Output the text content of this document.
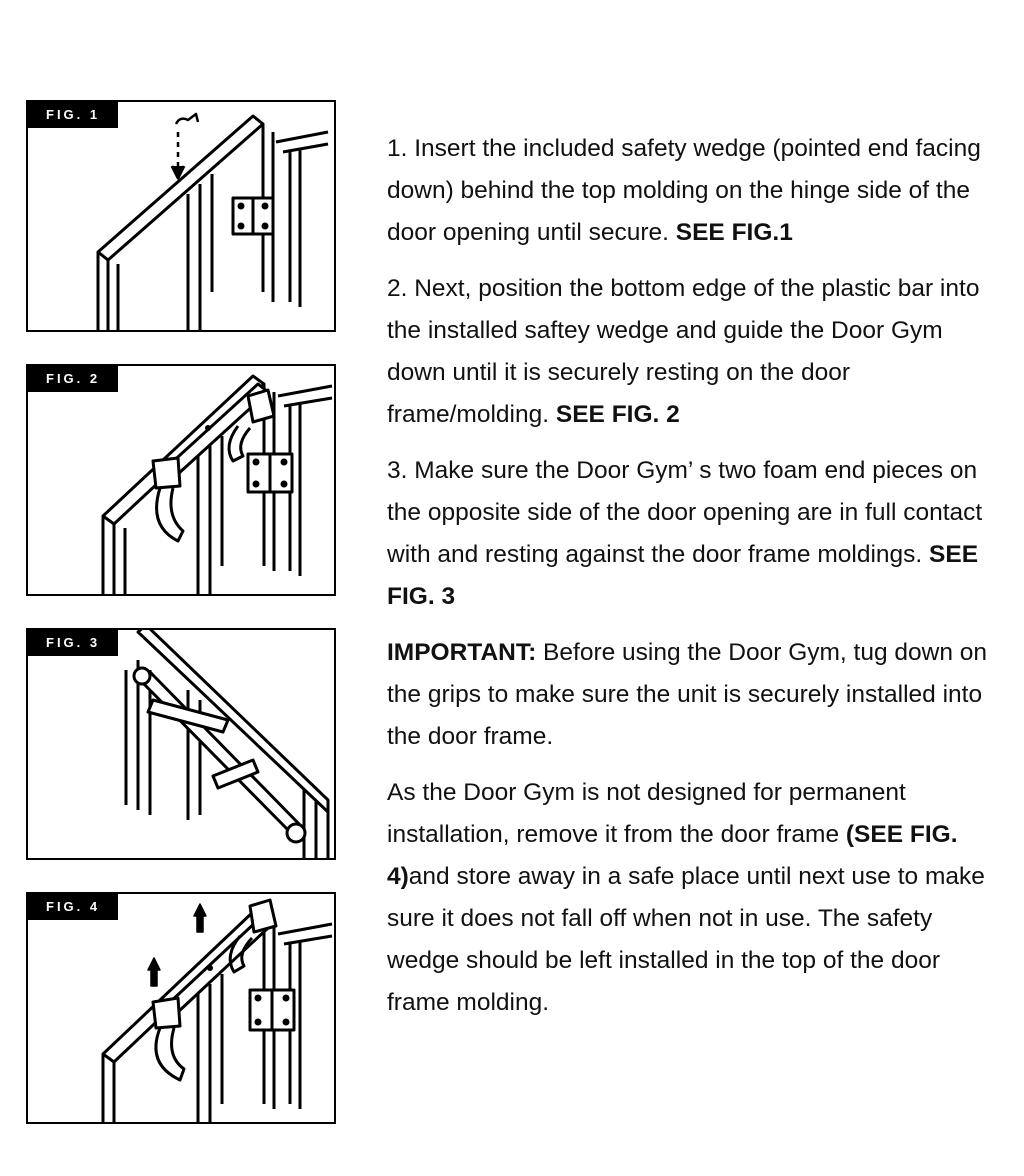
FIG. 1
FIG. 2
FIG. 3
FIG. 4

1. Insert the included safety wedge (pointed end facing down) behind the top molding on the hinge side of the door opening until secure. SEE FIG.1

2. Next, position the bottom edge of the plastic bar into the installed saftey wedge and guide the Door Gym down until it is securely resting on the door frame/molding. SEE FIG. 2

3. Make sure the Door Gym’ s two foam end pieces on the opposite side of the door opening are in full contact with and resting against the door frame moldings. SEE FIG. 3

IMPORTANT: Before using the Door Gym, tug down on the grips to make sure the unit is securely installed into the door frame.

As the Door Gym is not designed for permanent installation, remove it from the door frame (SEE FIG. 4)and store away in a safe place until next use to make sure it does not fall off when not in use. The safety wedge should be left installed in the top of the door frame molding.
